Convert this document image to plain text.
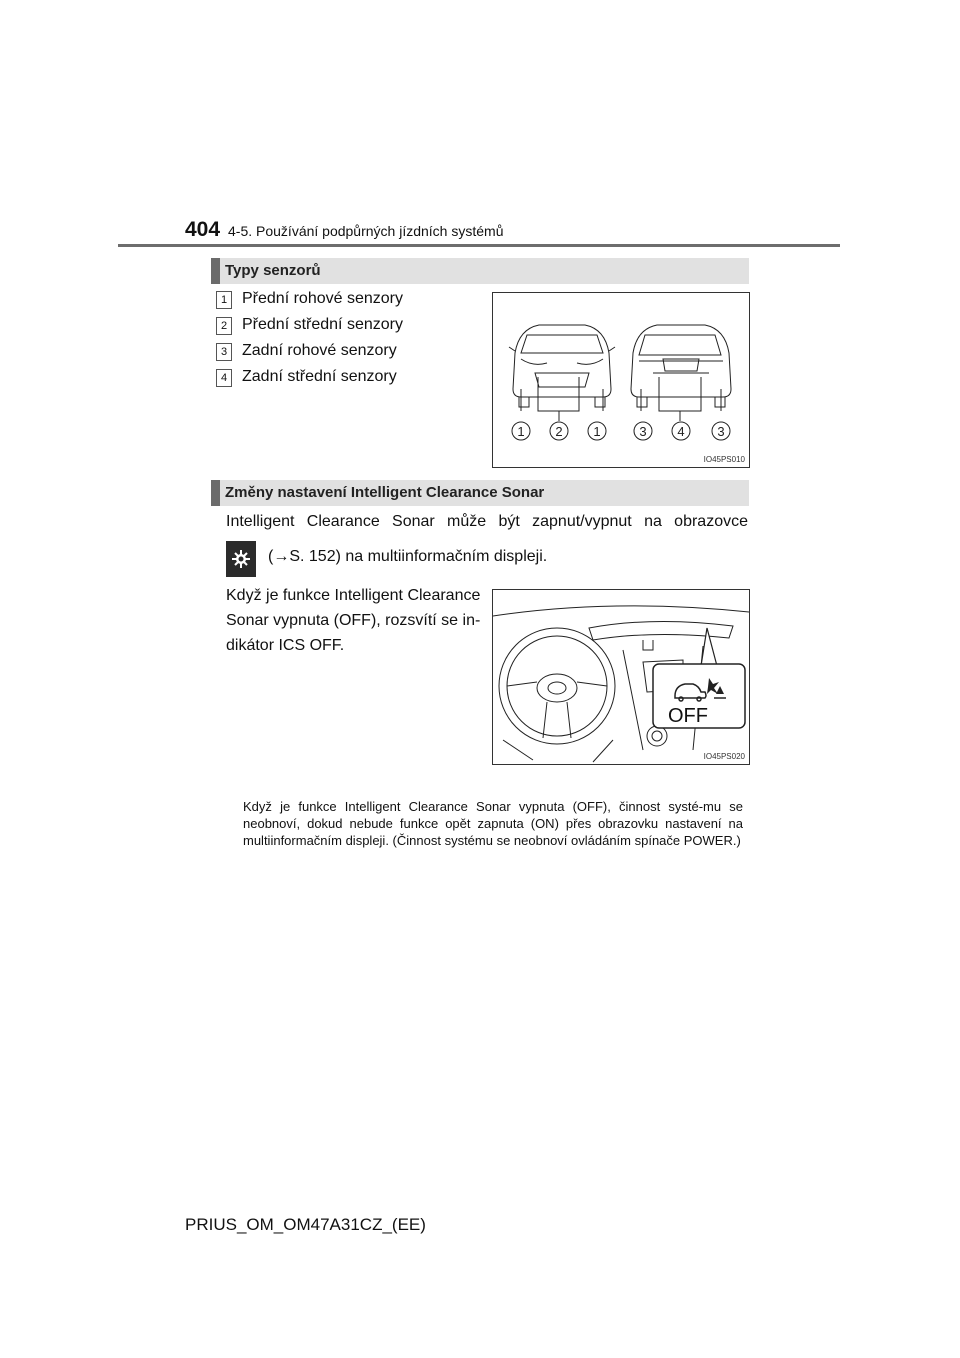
404 4-5. Používání podpůrných jízdních systémů
Typy senzorů
1 Přední rohové senzory
2 Přední střední senzory
3 Zadní rohové senzory
4 Zadní střední senzory
1 2 1	3 4	3
IO45PS010
Změny nastavení Intelligent Clearance Sonar
Intelligent Clearance Sonar může být zapnut/vypnut na obrazovce
(→S. 152) na multiinformačním displeji.
Když je funkce Intelligent Clearance Sonar vypnuta (OFF), rozsvítí se in-dikátor ICS OFF.
OFF
IO45PS020
Když je funkce Intelligent Clearance Sonar vypnuta (OFF), činnost systé-mu se neobnoví, dokud nebude funkce opět zapnuta (ON) přes obrazovku nastavení na multiinformačním displeji. (Činnost systému se neobnoví ovládáním spínače POWER.)
PRIUS_OM_OM47A31CZ_(EE)
